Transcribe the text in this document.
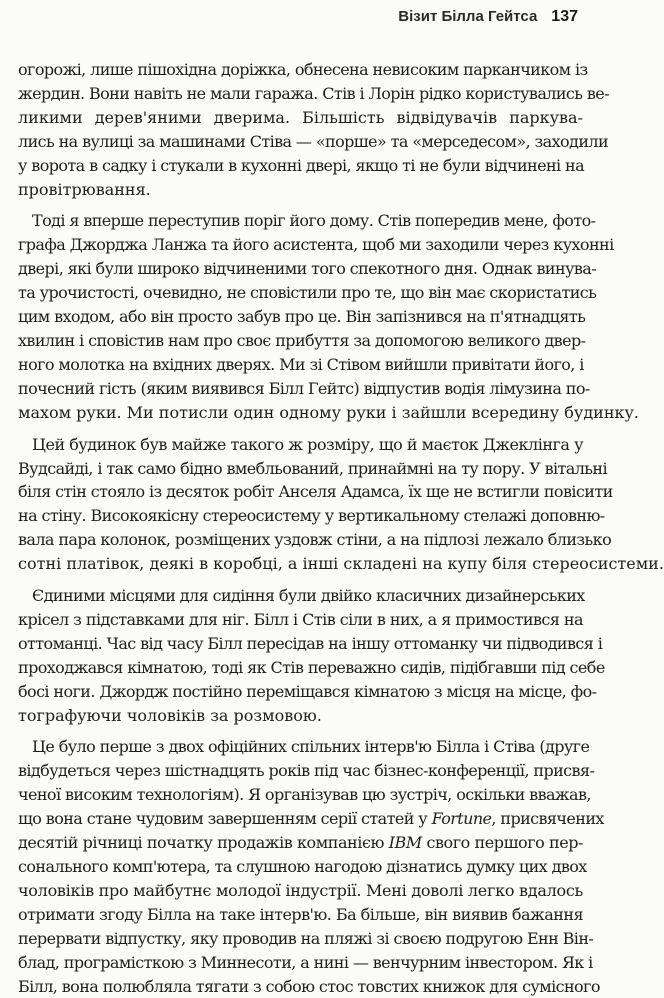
Візит Білла Гейтса 137
огорожі, лише пішохідна доріжка, обнесена невисоким парканчиком із
жердин. Вони навіть не мали гаража. Стів і Лорін рідко користувались ве-
ликими дерев'яними дверима. Більшість відвідувачів паркува-
лись на вулиці за машинами Стіва — «порше» та «мерседесом», заходили
у ворота в садку і стукали в кухонні двері, якщо ті не були відчинені на
провітрювання.
Тоді я вперше переступив поріг його дому. Стів попередив мене, фото-
графа Джорджа Ланжа та його асистента, щоб ми заходили через кухонні
двері, які були широко відчиненими того спекотного дня. Однак винува-
та урочистості, очевидно, не сповістили про те, що він має скористатись
цим входом, або він просто забув про це. Він запізнився на п'ятнадцять
хвилин і сповістив нам про своє прибуття за допомогою великого двер-
ного молотка на вхідних дверях. Ми зі Стівом вийшли привітати його, і
почесний гість (яким виявився Білл Гейтс) відпустив водія лімузина по-
махом руки. Ми потисли один одному руки і зайшли всередину будинку.
Цей будинок був майже такого ж розміру, що й маєток Джеклінга у
Вудсайді, і так само бідно вмебльований, принаймні на ту пору. У вітальні
біля стін стояло із десяток робіт Анселя Адамса, їх ще не встигли повісити
на стіну. Високоякісну стереосистему у вертикальному стелажі доповню-
вала пара колонок, розміщених уздовж стіни, а на підлозі лежало близько
сотні платівок, деякі в коробці, а інші складені на купу біля стереосистеми.
Єдиними місцями для сидіння були двійко класичних дизайнерських
крісел з підставками для ніг. Білл і Стів сіли в них, а я примостився на
оттоманці. Час від часу Білл пересідав на іншу оттоманку чи підводився і
проходжався кімнатою, тоді як Стів переважно сидів, підібгавши під себе
босі ноги. Джордж постійно переміщався кімнатою з місця на місце, фо-
тографуючи чоловіків за розмовою.
Це було перше з двох офіційних спільних інтерв'ю Білла і Стіва (друге
відбудеться через шістнадцять років під час бізнес-конференції, присвя-
ченої високим технологіям). Я організував цю зустріч, оскільки вважав,
що вона стане чудовим завершенням серії статей у Fortune, присвячених
десятій річниці початку продажів компанією IBM свого першого пер-
сонального комп'ютера, та слушною нагодою дізнатись думку цих двох
чоловіків про майбутнє молодої індустрії. Мені доволі легко вдалось
отримати згоду Білла на таке інтерв'ю. Ба більше, він виявив бажання
перервати відпустку, яку проводив на пляжі зі своєю подругою Енн Він-
блад, програмісткою з Миннесоти, а нині — венчурним інвестором. Як і
Білл, вона полюбляла тягати з собою стос товстих книжок для сумісного
